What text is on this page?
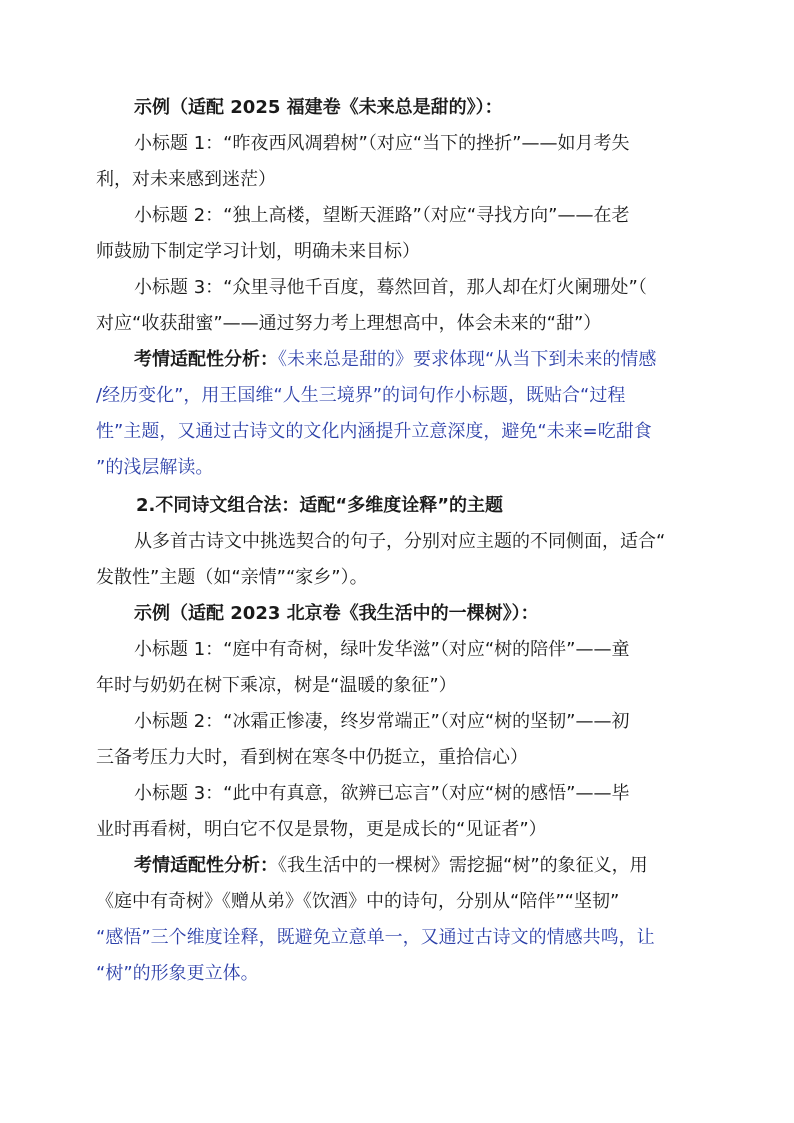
示例（适配 2025 福建卷《未来总是甜的》）：

小标题 1：“昨夜西风凋碧树”（对应“当下的挫折”——如月考失

利，对未来感到迷茫）

小标题 2：“独上高楼，望断天涯路”（对应“寻找方向”——在老

师鼓励下制定学习计划，明确未来目标）

小标题 3：“众里寻他千百度，蓦然回首，那人却在灯火阑珊处”（

对应“收获甜蜜”——通过努力考上理想高中，体会未来的“甜”）

考情适配性分析：《未来总是甜的》要求体现“从当下到未来的情感

/经历变化”，用王国维“人生三境界”的词句作小标题，既贴合“过程

性”主题，又通过古诗文的文化内涵提升立意深度，避免“未来=吃甜食

”的浅层解读。

2.不同诗文组合法：适配“多维度诠释”的主题

从多首古诗文中挑选契合的句子，分别对应主题的不同侧面，适合“

发散性”主题（如“亲情”“家乡”）。

示例（适配 2023 北京卷《我生活中的一棵树》）：

小标题 1：“庭中有奇树，绿叶发华滋”（对应“树的陪伴”——童

年时与奶奶在树下乘凉，树是“温暖的象征”）

小标题 2：“冰霜正惨凄，终岁常端正”（对应“树的坚韧”——初

三备考压力大时，看到树在寒冬中仍挺立，重拾信心）

小标题 3：“此中有真意，欲辨已忘言”（对应“树的感悟”——毕

业时再看树，明白它不仅是景物，更是成长的“见证者”）

考情适配性分析：《我生活中的一棵树》需挖掘“树”的象征义，用

《庭中有奇树》《赠从弟》《饮酒》中的诗句，分别从“陪伴”“坚韧”

“感悟”三个维度诠释，既避免立意单一，又通过古诗文的情感共鸣，让

“树”的形象更立体。
